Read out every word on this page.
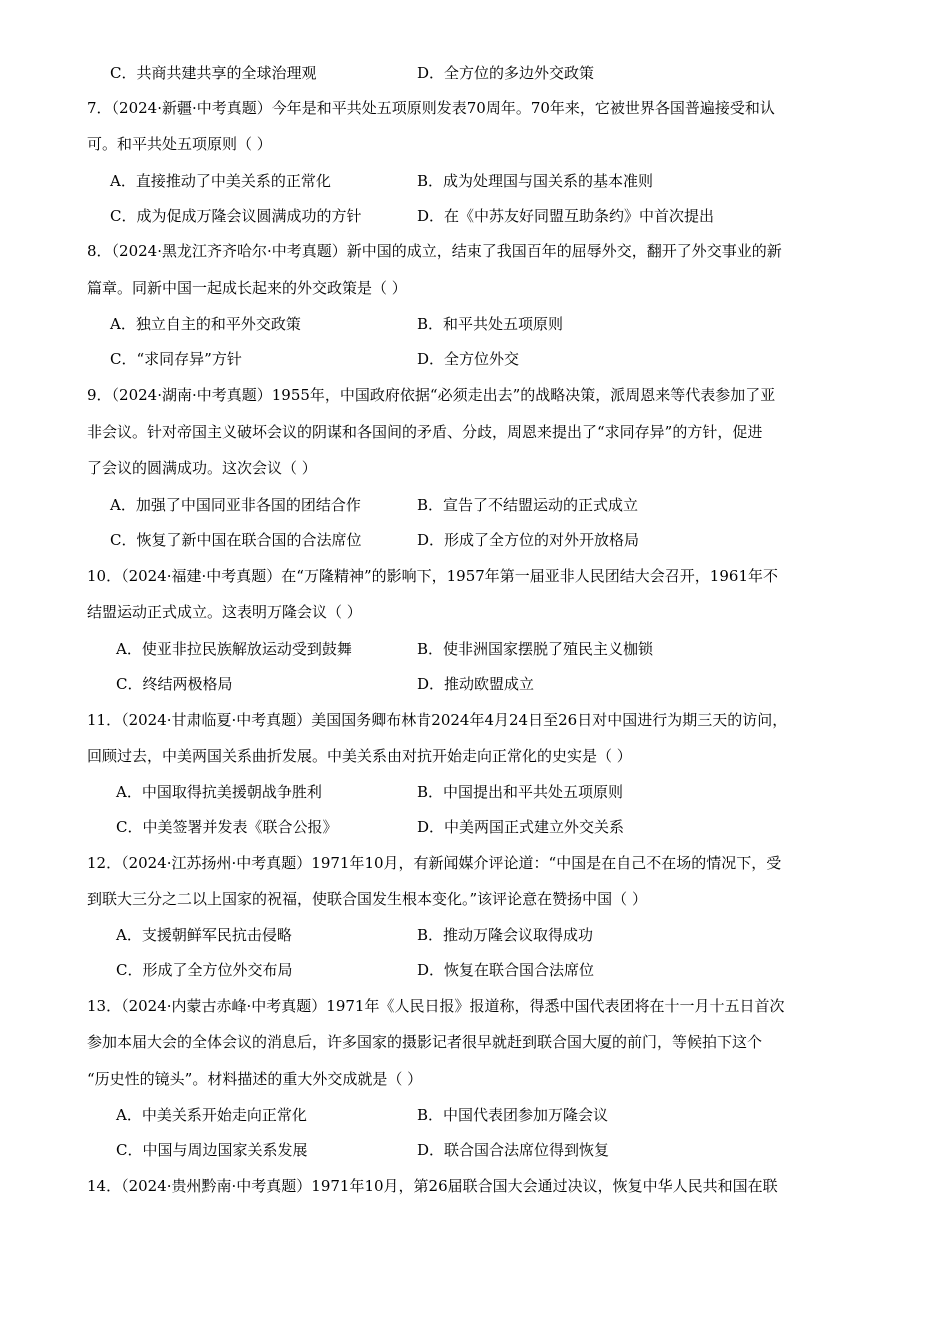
C．共商共建共享的全球治理观	D．全方位的多边外交政策
7．（2024·新疆·中考真题）今年是和平共处五项原则发表70周年。70年来，它被世界各国普遍接受和认
可。和平共处五项原则（ ）
A．直接推动了中美关系的正常化	B．成为处理国与国关系的基本准则
C．成为促成万隆会议圆满成功的方针	D．在《中苏友好同盟互助条约》中首次提出
8．（2024·黑龙江齐齐哈尔·中考真题）新中国的成立，结束了我国百年的屈辱外交，翻开了外交事业的新
篇章。同新中国一起成长起来的外交政策是（ ）
A．独立自主的和平外交政策	B．和平共处五项原则
C．“求同存异”方针	D．全方位外交
9．（2024·湖南·中考真题）1955年，中国政府依据“必须走出去”的战略决策，派周恩来等代表参加了亚
非会议。针对帝国主义破坏会议的阴谋和各国间的矛盾、分歧，周恩来提出了“求同存异”的方针，促进
了会议的圆满成功。这次会议（ ）
A．加强了中国同亚非各国的团结合作	B．宣告了不结盟运动的正式成立
C．恢复了新中国在联合国的合法席位	D．形成了全方位的对外开放格局
10．（2024·福建·中考真题）在“万隆精神”的影响下，1957年第一届亚非人民团结大会召开，1961年不
结盟运动正式成立。这表明万隆会议（ ）
A．使亚非拉民族解放运动受到鼓舞	B．使非洲国家摆脱了殖民主义枷锁
C．终结两极格局	D．推动欧盟成立
11．（2024·甘肃临夏·中考真题）美国国务卿布林肯2024年4月24日至26日对中国进行为期三天的访问，
回顾过去，中美两国关系曲折发展。中美关系由对抗开始走向正常化的史实是（ ）
A．中国取得抗美援朝战争胜利	B．中国提出和平共处五项原则
C．中美签署并发表《联合公报》	D．中美两国正式建立外交关系
12．（2024·江苏扬州·中考真题）1971年10月，有新闻媒介评论道：“中国是在自己不在场的情况下，受
到联大三分之二以上国家的祝福，使联合国发生根本变化。”该评论意在赞扬中国（ ）
A．支援朝鲜军民抗击侵略	B．推动万隆会议取得成功
C．形成了全方位外交布局	D．恢复在联合国合法席位
13．（2024·内蒙古赤峰·中考真题）1971年《人民日报》报道称，得悉中国代表团将在十一月十五日首次
参加本届大会的全体会议的消息后，许多国家的摄影记者很早就赶到联合国大厦的前门，等候拍下这个
“历史性的镜头”。材料描述的重大外交成就是（ ）
A．中美关系开始走向正常化	B．中国代表团参加万隆会议
C．中国与周边国家关系发展	D．联合国合法席位得到恢复
14．（2024·贵州黔南·中考真题）1971年10月，第26届联合国大会通过决议，恢复中华人民共和国在联
